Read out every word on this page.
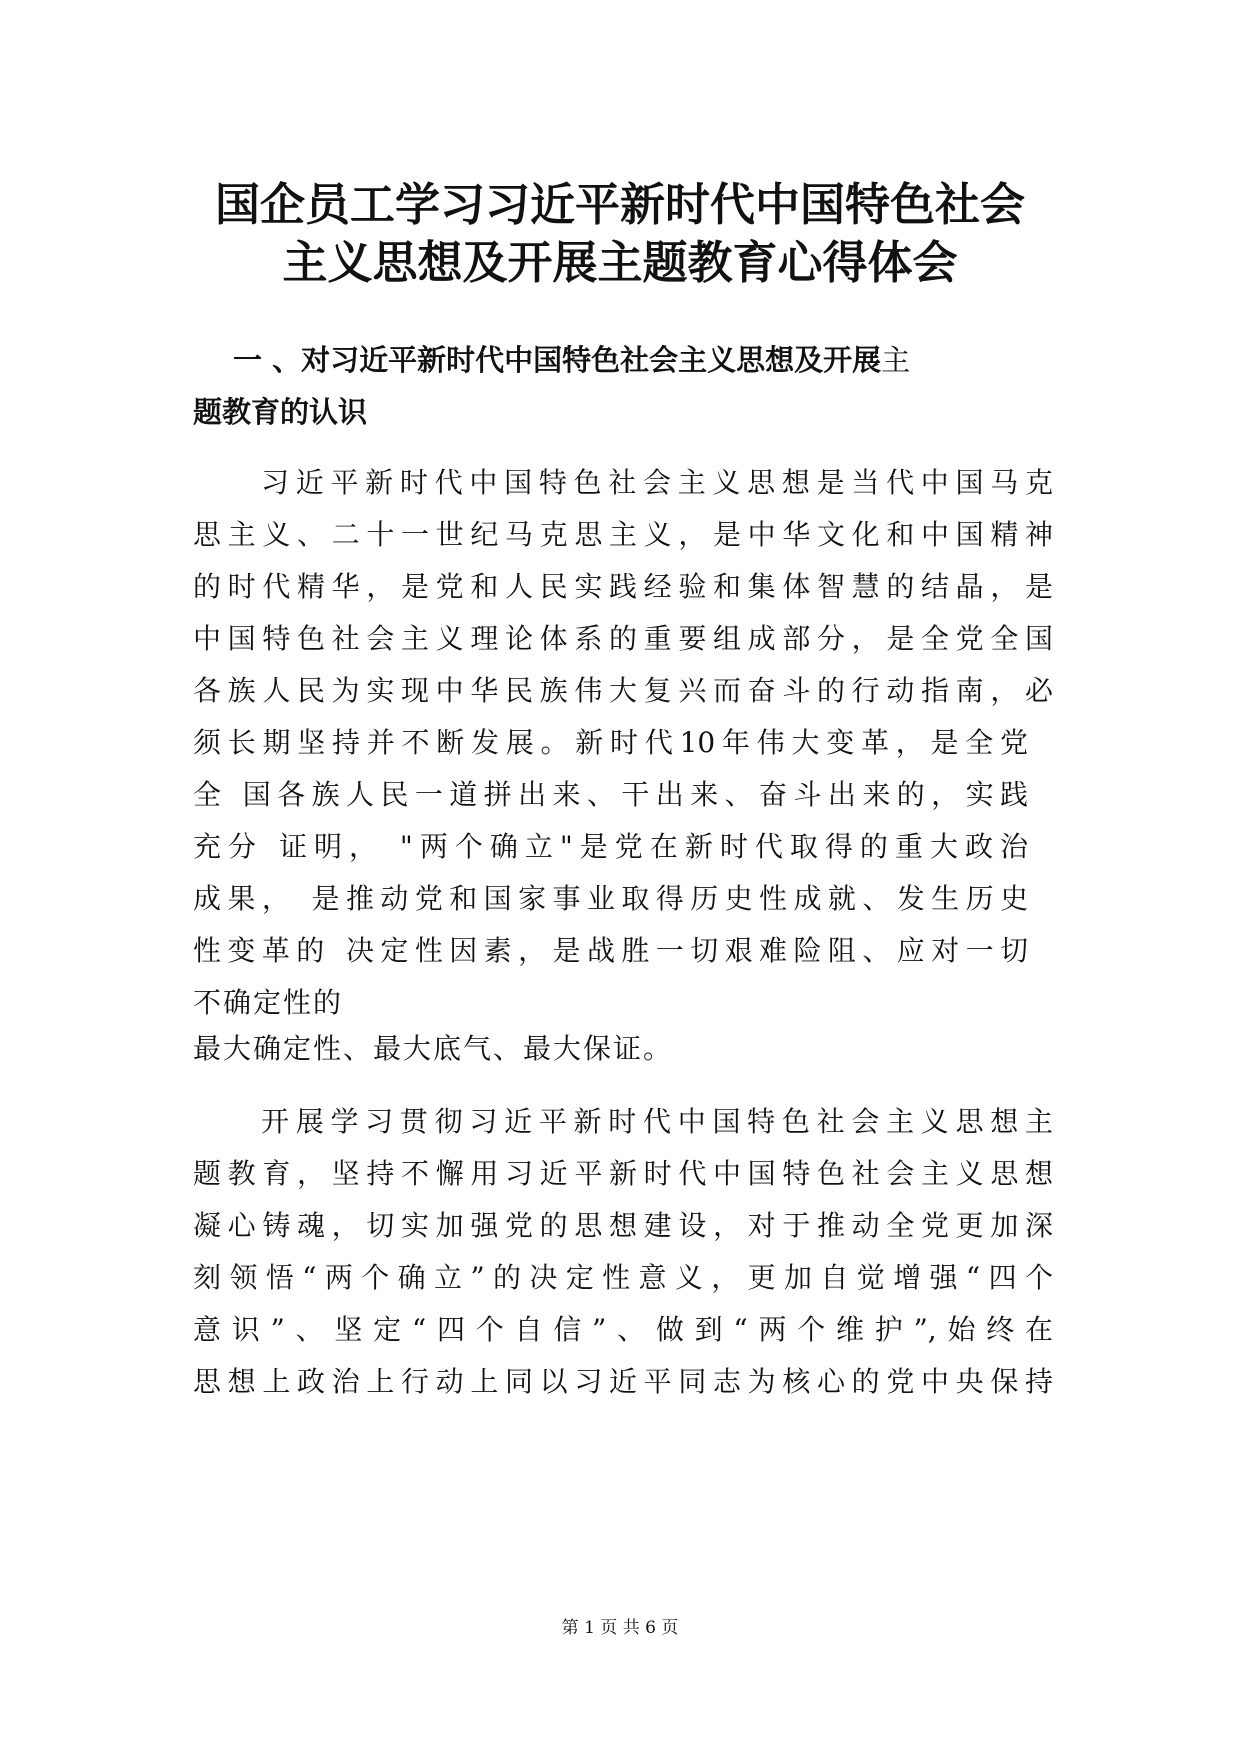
国企员工学习习近平新时代中国特色社会
主义思想及开展主题教育心得体会
一 、对习近平新时代中国特色社会主义思想及开展主
题教育的认识
习近平新时代中国特色社会主义思想是当代中国马克
思主义、二十一世纪马克思主义，是中华文化和中国精神
的时代精华，是党和人民实践经验和集体智慧的结晶，是
中国特色社会主义理论体系的重要组成部分，是全党全国
各族人民为实现中华民族伟大复兴而奋斗的行动指南，必
须长期坚持并不断发展。新时代10年伟大变革，是全党
全 国各族人民一道拼出来、干出来、奋斗出来的，实践
充分 证明， "两个确立"是党在新时代取得的重大政治
成果， 是推动党和国家事业取得历史性成就、发生历史
性变革的 决定性因素，是战胜一切艰难险阻、应对一切
不确定性的
最大确定性、最大底气、最大保证。
开展学习贯彻习近平新时代中国特色社会主义思想主
题教育，坚持不懈用习近平新时代中国特色社会主义思想
凝心铸魂，切实加强党的思想建设，对于推动全党更加深
刻领悟“两个确立”的决定性意义，更加自觉增强“四个
意识”、坚定“四个自信”、做到“两个维护”,始终在
思想上政治上行动上同以习近平同志为核心的党中央保持
第 1 页 共 6 页
